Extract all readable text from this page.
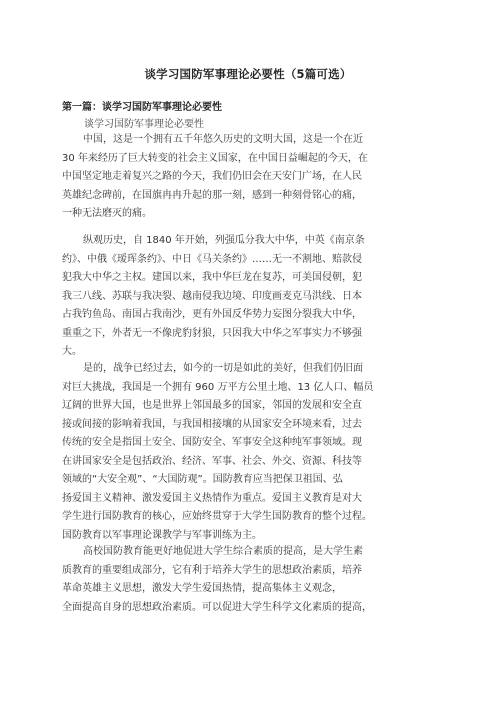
谈学习国防军事理论必要性（5篇可选）
第一篇：谈学习国防军事理论必要性
谈学习国防军事理论必要性
中国，这是一个拥有五千年悠久历史的文明大国，这是一个在近
30 年来经历了巨大转变的社会主义国家，在中国日益崛起的今天，在
中国坚定地走着复兴之路的今天，我们仍旧会在天安门广场，在人民
英雄纪念碑前，在国旗冉冉升起的那一刻，感到一种刻骨铭心的痛，
一种无法磨灭的痛。
纵观历史，自 1840 年开始，列强瓜分我大中华，中英《南京条
约》、中俄《瑷珲条约》、中日《马关条约》……无一不割地、赔款侵
犯我大中华之主权。建国以来，我中华巨龙在复苏，可美国侵朝，犯
我三八线、苏联与我决裂、越南侵我边境、印度画麦克马洪线、日本
占我钓鱼岛、南国占我南沙，更有外国反华势力妄图分裂我大中华，
重重之下，外者无一不像虎豹豺狼，只因我大中华之军事实力不够强
大。
是的，战争已经过去，如今的一切是如此的美好，但我们仍旧面
对巨大挑战，我国是一个拥有 960 万平方公里土地、13 亿人口、幅员
辽阔的世界大国，也是世界上邻国最多的国家，邻国的发展和安全直
接或间接的影响着我国，与我国相接壤的从国家安全环境来看，过去
传统的安全是指国土安全、国防安全、军事安全这种纯军事领域。现
在讲国家安全是包括政治、经济、军事、社会、外交、资源、科技等
领域的“大安全观”、“大国防观”。国防教育应当把保卫祖国、弘
扬爱国主义精神、激发爱国主义热情作为重点。爱国主义教育是对大
学生进行国防教育的核心，应始终贯穿于大学生国防教育的整个过程。
国防教育以军事理论课教学与军事训练为主。
高校国防教育能更好地促进大学生综合素质的提高，是大学生素
质教育的重要组成部分，它有利于培养大学生的思想政治素质，培养
革命英雄主义思想，激发大学生爱国热情，提高集体主义观念，
全面提高自身的思想政治素质。可以促进大学生科学文化素质的提高，
